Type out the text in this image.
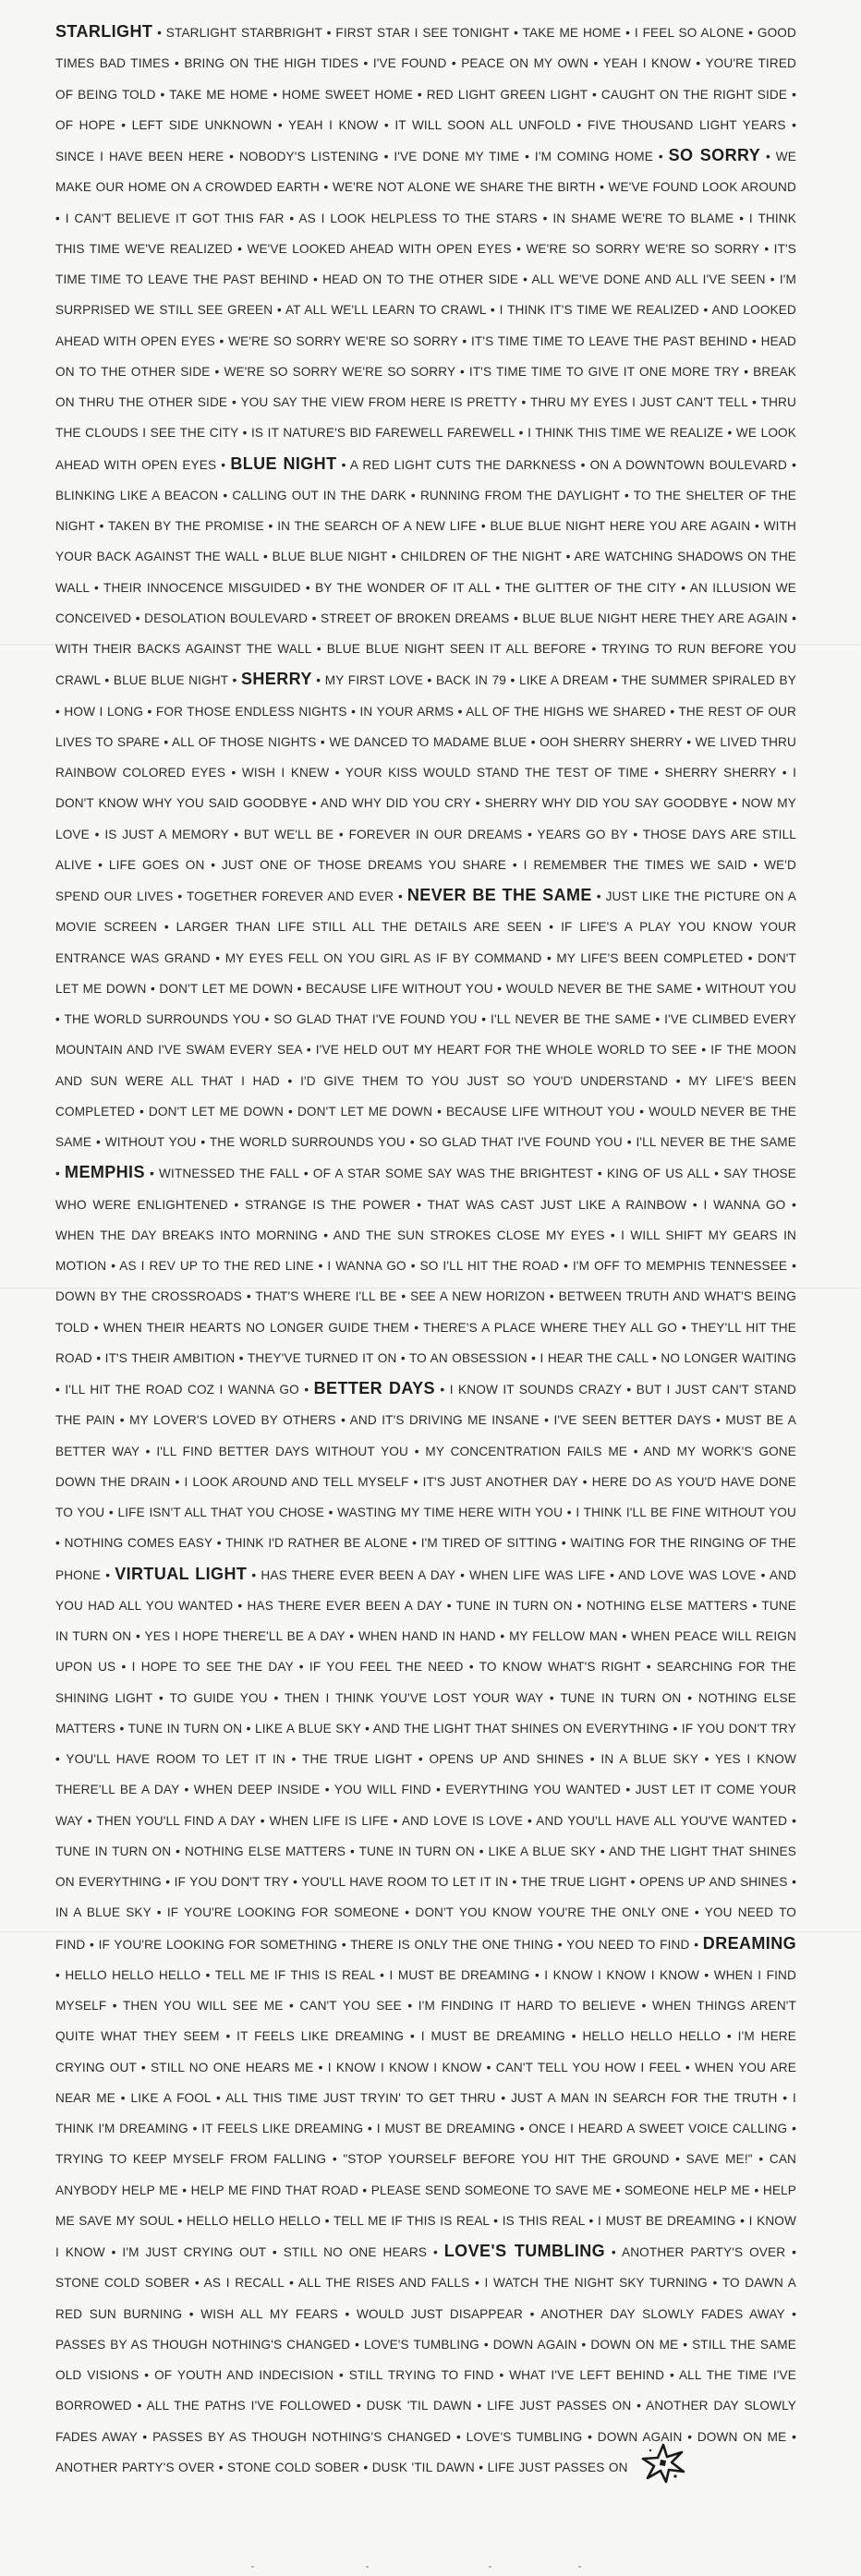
STARLIGHT • STARLIGHT STARBRIGHT • FIRST STAR I SEE TONIGHT • TAKE ME HOME • I FEEL SO ALONE • GOOD TIMES BAD TIMES • BRING ON THE HIGH TIDES • I'VE FOUND • PEACE ON MY OWN • YEAH I KNOW • YOU'RE TIRED OF BEING TOLD • TAKE ME HOME • HOME SWEET HOME • RED LIGHT GREEN LIGHT • CAUGHT ON THE RIGHT SIDE • OF HOPE • LEFT SIDE UNKNOWN • YEAH I KNOW • IT WILL SOON ALL UNFOLD • FIVE THOUSAND LIGHT YEARS • SINCE I HAVE BEEN HERE • NOBODY'S LISTENING • I'VE DONE MY TIME • I'M COMING HOME • SO SORRY • WE MAKE OUR HOME ON A CROWDED EARTH • WE'RE NOT ALONE WE SHARE THE BIRTH • WE'VE FOUND LOOK AROUND • I CAN'T BELIEVE IT GOT THIS FAR • AS I LOOK HELPLESS TO THE STARS • IN SHAME WE'RE TO BLAME • I THINK THIS TIME WE'VE REALIZED • WE'VE LOOKED AHEAD WITH OPEN EYES • WE'RE SO SORRY WE'RE SO SORRY • IT'S TIME TIME TO LEAVE THE PAST BEHIND • HEAD ON TO THE OTHER SIDE • ALL WE'VE DONE AND ALL I'VE SEEN • I'M SURPRISED WE STILL SEE GREEN • AT ALL WE'LL LEARN TO CRAWL • I THINK IT'S TIME WE REALIZED • AND LOOKED AHEAD WITH OPEN EYES • WE'RE SO SORRY WE'RE SO SORRY • IT'S TIME TIME TO LEAVE THE PAST BEHIND • HEAD ON TO THE OTHER SIDE • WE'RE SO SORRY WE'RE SO SORRY • IT'S TIME TIME TO GIVE IT ONE MORE TRY • BREAK ON THRU THE OTHER SIDE • YOU SAY THE VIEW FROM HERE IS PRETTY • THRU MY EYES I JUST CAN'T TELL • THRU THE CLOUDS I SEE THE CITY • IS IT NATURE'S BID FAREWELL FAREWELL • I THINK THIS TIME WE REALIZE • WE LOOK AHEAD WITH OPEN EYES • BLUE NIGHT • A RED LIGHT CUTS THE DARKNESS • ON A DOWNTOWN BOULEVARD • BLINKING LIKE A BEACON • CALLING OUT IN THE DARK • RUNNING FROM THE DAYLIGHT • TO THE SHELTER OF THE NIGHT • TAKEN BY THE PROMISE • IN THE SEARCH OF A NEW LIFE • BLUE BLUE NIGHT HERE YOU ARE AGAIN • WITH YOUR BACK AGAINST THE WALL • BLUE BLUE NIGHT • CHILDREN OF THE NIGHT • ARE WATCHING SHADOWS ON THE WALL • THEIR INNOCENCE MISGUIDED • BY THE WONDER OF IT ALL • THE GLITTER OF THE CITY • AN ILLUSION WE CONCEIVED • DESOLATION BOULEVARD • STREET OF BROKEN DREAMS • BLUE BLUE NIGHT HERE THEY ARE AGAIN • WITH THEIR BACKS AGAINST THE WALL • BLUE BLUE NIGHT SEEN IT ALL BEFORE • TRYING TO RUN BEFORE YOU CRAWL • BLUE BLUE NIGHT • SHERRY • MY FIRST LOVE • BACK IN 79 • LIKE A DREAM • THE SUMMER SPIRALED BY • HOW I LONG • FOR THOSE ENDLESS NIGHTS • IN YOUR ARMS • ALL OF THE HIGHS WE SHARED • THE REST OF OUR LIVES TO SPARE • ALL OF THOSE NIGHTS • WE DANCED TO MADAME BLUE • OOH SHERRY SHERRY • WE LIVED THRU RAINBOW COLORED EYES • WISH I KNEW • YOUR KISS WOULD STAND THE TEST OF TIME • SHERRY SHERRY • I DON'T KNOW WHY YOU SAID GOODBYE • AND WHY DID YOU CRY • SHERRY WHY DID YOU SAY GOODBYE • NOW MY LOVE • IS JUST A MEMORY • BUT WE'LL BE • FOREVER IN OUR DREAMS • YEARS GO BY • THOSE DAYS ARE STILL ALIVE • LIFE GOES ON • JUST ONE OF THOSE DREAMS YOU SHARE • I REMEMBER THE TIMES WE SAID • WE'D SPEND OUR LIVES • TOGETHER FOREVER AND EVER • NEVER BE THE SAME • JUST LIKE THE PICTURE ON A MOVIE SCREEN • LARGER THAN LIFE STILL ALL THE DETAILS ARE SEEN • IF LIFE'S A PLAY YOU KNOW YOUR ENTRANCE WAS GRAND • MY EYES FELL ON YOU GIRL AS IF BY COMMAND • MY LIFE'S BEEN COMPLETED • DON'T LET ME DOWN • DON'T LET ME DOWN • BECAUSE LIFE WITHOUT YOU • WOULD NEVER BE THE SAME • WITHOUT YOU • THE WORLD SURROUNDS YOU • SO GLAD THAT I'VE FOUND YOU • I'LL NEVER BE THE SAME • I'VE CLIMBED EVERY MOUNTAIN AND I'VE SWAM EVERY SEA • I'VE HELD OUT MY HEART FOR THE WHOLE WORLD TO SEE • IF THE MOON AND SUN WERE ALL THAT I HAD • I'D GIVE THEM TO YOU JUST SO YOU'D UNDERSTAND • MY LIFE'S BEEN COMPLETED • DON'T LET ME DOWN • DON'T LET ME DOWN • BECAUSE LIFE WITHOUT YOU • WOULD NEVER BE THE SAME • WITHOUT YOU • THE WORLD SURROUNDS YOU • SO GLAD THAT I'VE FOUND YOU • I'LL NEVER BE THE SAME • MEMPHIS • WITNESSED THE FALL • OF A STAR SOME SAY WAS THE BRIGHTEST • KING OF US ALL • SAY THOSE WHO WERE ENLIGHTENED • STRANGE IS THE POWER • THAT WAS CAST JUST LIKE A RAINBOW • I WANNA GO • WHEN THE DAY BREAKS INTO MORNING • AND THE SUN STROKES CLOSE MY EYES • I WILL SHIFT MY GEARS IN MOTION • AS I REV UP TO THE RED LINE • I WANNA GO • SO I'LL HIT THE ROAD • I'M OFF TO MEMPHIS TENNESSEE • DOWN BY THE CROSSROADS • THAT'S WHERE I'LL BE • SEE A NEW HORIZON • BETWEEN TRUTH AND WHAT'S BEING TOLD • WHEN THEIR HEARTS NO LONGER GUIDE THEM • THERE'S A PLACE WHERE THEY ALL GO • THEY'LL HIT THE ROAD • IT'S THEIR AMBITION • THEY'VE TURNED IT ON • TO AN OBSESSION • I HEAR THE CALL • NO LONGER WAITING • I'LL HIT THE ROAD COZ I WANNA GO • BETTER DAYS • I KNOW IT SOUNDS CRAZY • BUT I JUST CAN'T STAND THE PAIN • MY LOVER'S LOVED BY OTHERS • AND IT'S DRIVING ME INSANE • I'VE SEEN BETTER DAYS • MUST BE A BETTER WAY • I'LL FIND BETTER DAYS WITHOUT YOU • MY CONCENTRATION FAILS ME • AND MY WORK'S GONE DOWN THE DRAIN • I LOOK AROUND AND TELL MYSELF • IT'S JUST ANOTHER DAY • HERE DO AS YOU'D HAVE DONE TO YOU • LIFE ISN'T ALL THAT YOU CHOSE • WASTING MY TIME HERE WITH YOU • I THINK I'LL BE FINE WITHOUT YOU • NOTHING COMES EASY • THINK I'D RATHER BE ALONE • I'M TIRED OF SITTING • WAITING FOR THE RINGING OF THE PHONE • VIRTUAL LIGHT • HAS THERE EVER BEEN A DAY • WHEN LIFE WAS LIFE • AND LOVE WAS LOVE • AND YOU HAD ALL YOU WANTED • HAS THERE EVER BEEN A DAY • TUNE IN TURN ON • NOTHING ELSE MATTERS • TUNE IN TURN ON • YES I HOPE THERE'LL BE A DAY • WHEN HAND IN HAND • MY FELLOW MAN • WHEN PEACE WILL REIGN UPON US • I HOPE TO SEE THE DAY • IF YOU FEEL THE NEED • TO KNOW WHAT'S RIGHT • SEARCHING FOR THE SHINING LIGHT • TO GUIDE YOU • THEN I THINK YOU'VE LOST YOUR WAY • TUNE IN TURN ON • NOTHING ELSE MATTERS • TUNE IN TURN ON • LIKE A BLUE SKY • AND THE LIGHT THAT SHINES ON EVERYTHING • IF YOU DON'T TRY • YOU'LL HAVE ROOM TO LET IT IN • THE TRUE LIGHT • OPENS UP AND SHINES • IN A BLUE SKY • YES I KNOW THERE'LL BE A DAY • WHEN DEEP INSIDE • YOU WILL FIND • EVERYTHING YOU WANTED • JUST LET IT COME YOUR WAY • THEN YOU'LL FIND A DAY • WHEN LIFE IS LIFE • AND LOVE IS LOVE • AND YOU'LL HAVE ALL YOU'VE WANTED • TUNE IN TURN ON • NOTHING ELSE MATTERS • TUNE IN TURN ON • LIKE A BLUE SKY • AND THE LIGHT THAT SHINES ON EVERYTHING • IF YOU DON'T TRY • YOU'LL HAVE ROOM TO LET IT IN • THE TRUE LIGHT • OPENS UP AND SHINES • IN A BLUE SKY • IF YOU'RE LOOKING FOR SOMEONE • DON'T YOU KNOW YOU'RE THE ONLY ONE • YOU NEED TO FIND • IF YOU'RE LOOKING FOR SOMETHING • THERE IS ONLY THE ONE THING • YOU NEED TO FIND • DREAMING • HELLO HELLO HELLO • TELL ME IF THIS IS REAL • I MUST BE DREAMING • I KNOW I KNOW I KNOW • WHEN I FIND MYSELF • THEN YOU WILL SEE ME • CAN'T YOU SEE • I'M FINDING IT HARD TO BELIEVE • WHEN THINGS AREN'T QUITE WHAT THEY SEEM • IT FEELS LIKE DREAMING • I MUST BE DREAMING • HELLO HELLO HELLO • I'M HERE CRYING OUT • STILL NO ONE HEARS ME • I KNOW I KNOW I KNOW • CAN'T TELL YOU HOW I FEEL • WHEN YOU ARE NEAR ME • LIKE A FOOL • ALL THIS TIME JUST TRYIN' TO GET THRU • JUST A MAN IN SEARCH FOR THE TRUTH • I THINK I'M DREAMING • IT FEELS LIKE DREAMING • I MUST BE DREAMING • ONCE I HEARD A SWEET VOICE CALLING • TRYING TO KEEP MYSELF FROM FALLING • "STOP YOURSELF BEFORE YOU HIT THE GROUND • SAVE ME!" • CAN ANYBODY HELP ME • HELP ME FIND THAT ROAD • PLEASE SEND SOMEONE TO SAVE ME • SOMEONE HELP ME • HELP ME SAVE MY SOUL • HELLO HELLO HELLO • TELL ME IF THIS IS REAL • IS THIS REAL • I MUST BE DREAMING • I KNOW I KNOW • I'M JUST CRYING OUT • STILL NO ONE HEARS • LOVE'S TUMBLING • ANOTHER PARTY'S OVER • STONE COLD SOBER • AS I RECALL • ALL THE RISES AND FALLS • I WATCH THE NIGHT SKY TURNING • TO DAWN A RED SUN BURNING • WISH ALL MY FEARS • WOULD JUST DISAPPEAR • ANOTHER DAY SLOWLY FADES AWAY • PASSES BY AS THOUGH NOTHING'S CHANGED • LOVE'S TUMBLING • DOWN AGAIN • DOWN ON ME • STILL THE SAME OLD VISIONS • OF YOUTH AND INDECISION • STILL TRYING TO FIND • WHAT I'VE LEFT BEHIND • ALL THE TIME I'VE BORROWED • ALL THE PATHS I'VE FOLLOWED • DUSK 'TIL DAWN • LIFE JUST PASSES ON • ANOTHER DAY SLOWLY FADES AWAY • PASSES BY AS THOUGH NOTHING'S CHANGED • LOVE'S TUMBLING • DOWN AGAIN • DOWN ON ME • ANOTHER PARTY'S OVER • STONE COLD SOBER • DUSK 'TIL DAWN • LIFE JUST PASSES ON
